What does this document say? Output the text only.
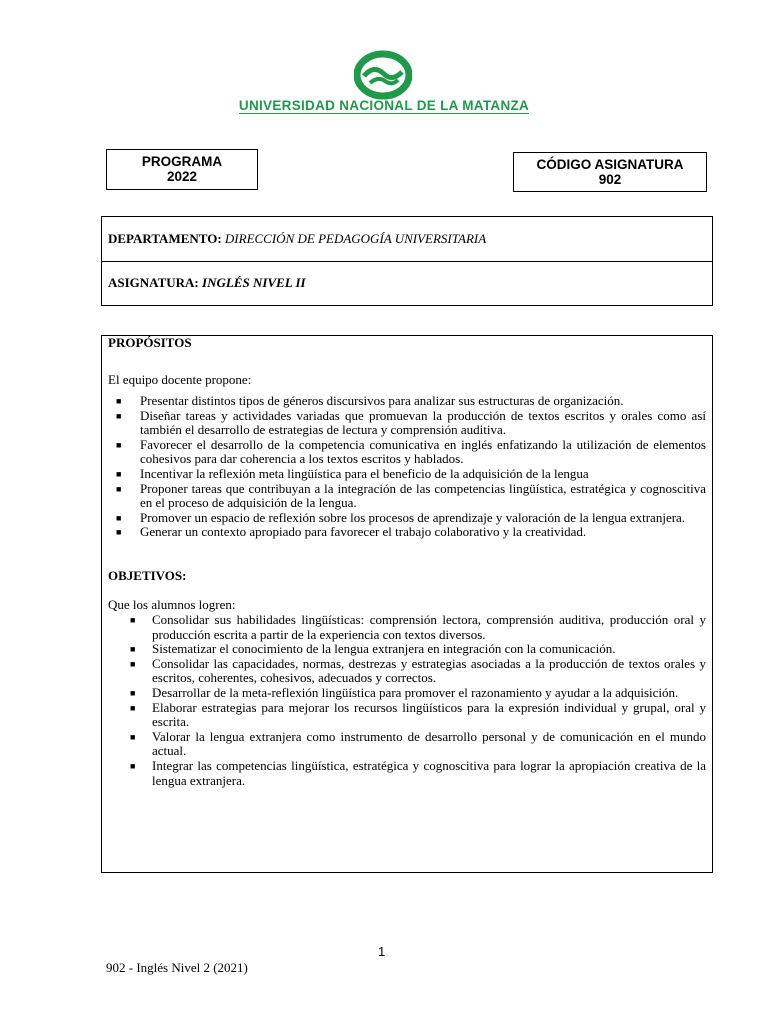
UNIVERSIDAD NACIONAL DE LA MATANZA
PROGRAMA
2022
CÓDIGO ASIGNATURA
902
DEPARTAMENTO: DIRECCIÓN DE PEDAGOGÍA UNIVERSITARIA
ASIGNATURA: INGLÉS NIVEL II
PROPÓSITOS
El equipo docente propone:
■ Presentar distintos tipos de géneros discursivos para analizar sus estructuras de organización.
■ Diseñar tareas y actividades variadas que promuevan la producción de textos escritos y orales como así también el desarrollo de estrategias de lectura y comprensión auditiva.
■ Favorecer el desarrollo de la competencia comunicativa en inglés enfatizando la utilización de elementos cohesivos para dar coherencia a los textos escritos y hablados.
■ Incentivar la reflexión meta lingüística para el beneficio de la adquisición de la lengua
■ Proponer tareas que contribuyan a la integración de las competencias lingüística, estratégica y cognoscitiva en el proceso de adquisición de la lengua.
■ Promover un espacio de reflexión sobre los procesos de aprendizaje y valoración de la lengua extranjera.
■ Generar un contexto apropiado para favorecer el trabajo colaborativo y la creatividad.
OBJETIVOS:
Que los alumnos logren:
■ Consolidar sus habilidades lingüísticas: comprensión lectora, comprensión auditiva, producción oral y producción escrita a partir de la experiencia con textos diversos.
■ Sistematizar el conocimiento de la lengua extranjera en integración con la comunicación.
■ Consolidar las capacidades, normas, destrezas y estrategias asociadas a la producción de textos orales y escritos, coherentes, cohesivos, adecuados y correctos.
■ Desarrollar de la meta-reflexión lingüística para promover el razonamiento y ayudar a la adquisición.
■ Elaborar estrategias para mejorar los recursos lingüísticos para la expresión individual y grupal, oral y escrita.
■ Valorar la lengua extranjera como instrumento de desarrollo personal y de comunicación en el mundo actual.
■ Integrar las competencias lingüística, estratégica y cognoscitiva para lograr la apropiación creativa de la lengua extranjera.
1
902 - Inglés Nivel 2 (2021)
